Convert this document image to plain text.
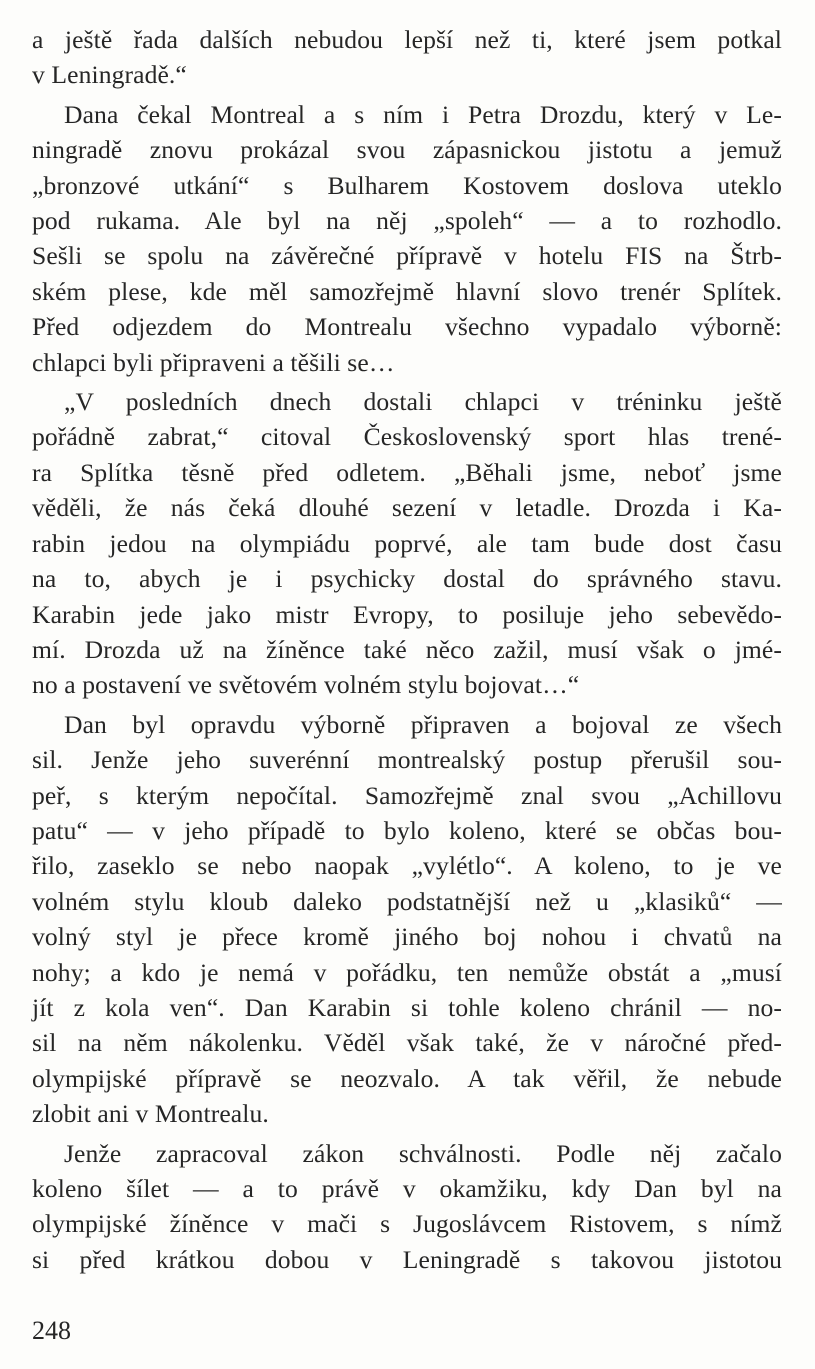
a ještě řada dalších nebudou lepší než ti, které jsem potkal
v Leningradě.“
Dana čekal Montreal a s ním i Petra Drozdu, který v Le-
ningradě znovu prokázal svou zápasnickou jistotu a jemuž
„bronzové utkání“ s Bulharem Kostovem doslova uteklo
pod rukama. Ale byl na něj „spoleh“ — a to rozhodlo.
Sešli se spolu na závěrečné přípravě v hotelu FIS na Štrb-
ském plese, kde měl samozřejmě hlavní slovo trenér Splítek.
Před odjezdem do Montrealu všechno vypadalo výborně:
chlapci byli připraveni a těšili se…
„V posledních dnech dostali chlapci v tréninku ještě
pořádně zabrat,“ citoval Československý sport hlas trené-
ra Splítka těsně před odletem. „Běhali jsme, neboť jsme
věděli, že nás čeká dlouhé sezení v letadle. Drozda i Ka-
rabin jedou na olympiádu poprvé, ale tam bude dost času
na to, abych je i psychicky dostal do správného stavu.
Karabin jede jako mistr Evropy, to posiluje jeho sebevědo-
mí. Drozda už na žíněnce také něco zažil, musí však o jmé-
no a postavení ve světovém volném stylu bojovat…“
Dan byl opravdu výborně připraven a bojoval ze všech
sil. Jenže jeho suverénní montrealský postup přerušil sou-
peř, s kterým nepočítal. Samozřejmě znal svou „Achillovu
patu“ — v jeho případě to bylo koleno, které se občas bou-
řilo, zaseklo se nebo naopak „vylétlo“. A koleno, to je ve
volném stylu kloub daleko podstatnější než u „klasiků“ —
volný styl je přece kromě jiného boj nohou i chvatů na
nohy; a kdo je nemá v pořádku, ten nemůže obstát a „musí
jít z kola ven“. Dan Karabin si tohle koleno chránil — no-
sil na něm nákolenku. Věděl však také, že v náročné před-
olympijské přípravě se neozvalo. A tak věřil, že nebude
zlobit ani v Montrealu.
Jenže zapracoval zákon schválnosti. Podle něj začalo
koleno šílet — a to právě v okamžiku, kdy Dan byl na
olympijské žíněnce v mači s Jugoslávcem Ristovem, s nímž
si před krátkou dobou v Leningradě s takovou jistotou
248
